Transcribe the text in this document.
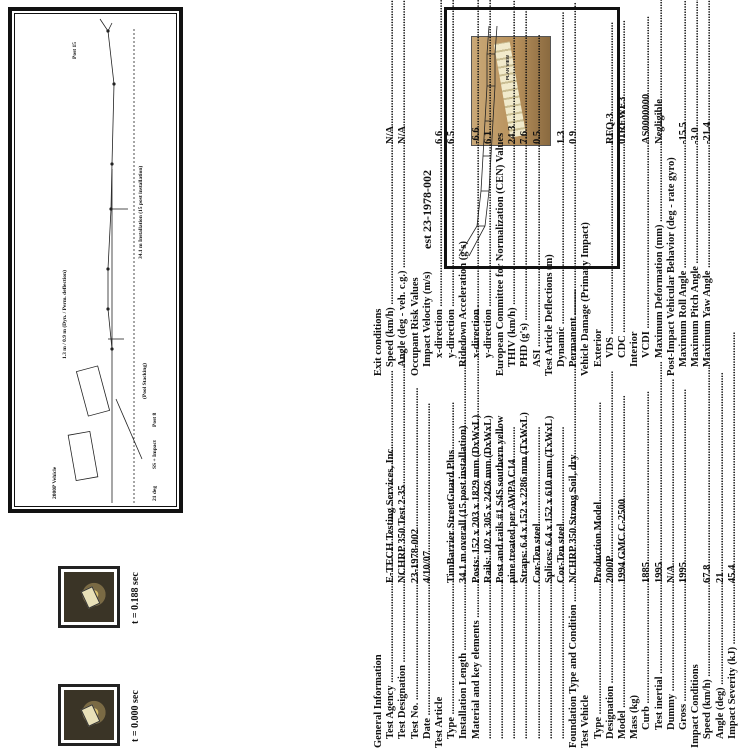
t = 0.000 sec
t = 0.188 sec
2000P Vehicle	21 deg
SS + Impact
Post 8
(Pool Stacking)
1.3 m / 0.9 m (Dyn. / Perm. deflection)
34.1 m Installation (15 post installation)
Post 15
PLAN VIEW
General Information Test Agency .....E-TECH Testing Services, Inc.
Test Designation .....NCHRP 350 Test 2-35
Test No. .....23-1978-002
Date .....4/10/07
Test Article Type .....TimBarrier StreetGuard Plus
Installation Length .....34.1 m overall (15 post installation)
Material and key elements .....Posts: 152 x 203 x 1829 mm (DxWxL)
..... Rails: 102 x 305 x 2426 mm (DxWxL)
..... Post and rails #1 S4S southern yellow
..... pine treated per AWPA C14
..... Straps: 6.4 x 152 x 2286 mm (TxWxL)
..... Cor-Ten steel
..... Splices: 6.4 x 152 x 610 mm (TxWxL)
..... Cor-Ten steel
Foundation Type and Condition .....NCHRP 350 Strong Soil, dry
Test Vehicle Type .....Production Model
Designation .....2000P
Model .....1994 GMC C-2500
Mass (kg) Curb .....1885
Test inertial .....1995
Dummy .....N/A
Gross .....1995
Impact Conditions Speed (km/h) .....67.8
Angle (deg) .....21
Impact Severity (kJ) .....45.4
Exit conditions Speed (km/h) .....N/A
Angle (deg - veh. c.g.) .....N/A
Occupant Risk Values Impact Velocity (m/s) x-direction .....6.6
y-direction .....6.5
Ridedown Acceleration (g's) x-direction .....-6.6
y-direction .....6.1 European Committee for Normalization (CEN) Values THIV (km/h) .....24.3
PHD (g's) .....7.6
ASI .....0.5
Test Article Deflections (m) Dynamic .....1.3
Permanent .....0.9
Vehicle Damage (Primary Impact) Exterior VDS .....RFQ-3
CDC .....01RFWE3
Interior VCDI .....AS0000000
Maximum Deformation (mm) .....Negligible
Post-Impact Vehicular Behavior (deg - rate gyro) Maximum Roll Angle .....-15.5
Maximum Pitch Angle .....-3.0
Maximum Yaw Angle .....-21.4
est 23-1978-002
